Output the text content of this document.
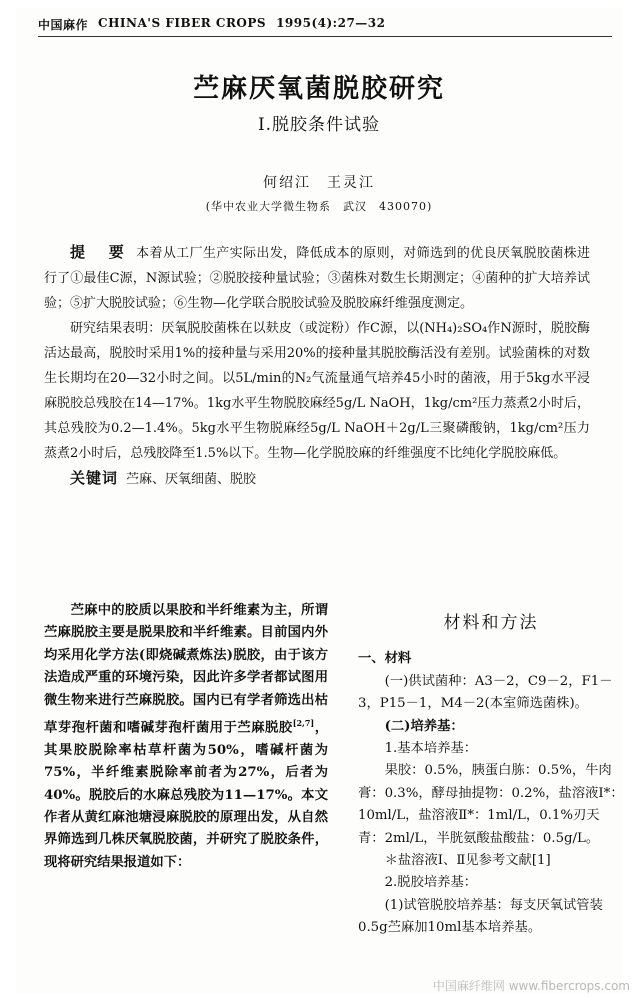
中国麻作 CHINA'S FIBER CROPS 1995(4):27—32
苎麻厌氧菌脱胶研究
Ⅰ.脱胶条件试验
何绍江　王灵江
(华中农业大学微生物系　武汉　430070)

提　要 本着从工厂生产实际出发，降低成本的原则，对筛选到的优良厌氧脱胶菌株进行了①最佳C源，N源试验；②脱胶接种量试验；③菌株对数生长期测定；④菌种的扩大培养试验；⑤扩大脱胶试验；⑥生物—化学联合脱胶试验及脱胶麻纤维强度测定。

研究结果表明：厌氧脱胶菌株在以麸皮（或淀粉）作C源，以(NH₄)₂SO₄作N源时，脱胶酶活达最高，脱胶时采用1%的接种量与采用20%的接种量其脱胶酶活没有差别。试验菌株的对数生长期均在20—32小时之间。以5L/min的N₂气流量通气培养45小时的菌液，用于5kg水平浸麻脱胶总残胶在14—17%。1kg水平生物脱胶麻经5g/L NaOH，1kg/cm²压力蒸煮2小时后，其总残胶为0.2—1.4%。5kg水平生物脱麻经5g/L NaOH＋2g/L三聚磷酸钠，1kg/cm²压力蒸煮2小时后，总残胶降至1.5%以下。生物—化学脱胶麻的纤维强度不比纯化学脱胶麻低。

关键词 苎麻、厌氧细菌、脱胶

苎麻中的胶质以果胶和半纤维素为主，所谓苎麻脱胶主要是脱果胶和半纤维素。目前国内外均采用化学方法(即烧碱煮炼法)脱胶，由于该方法造成严重的环境污染，因此许多学者都试图用微生物来进行苎麻脱胶。国内已有学者筛选出枯草芽孢杆菌和嗜碱芽孢杆菌用于苎麻脱胶[2,7]，其果胶脱除率枯草杆菌为50%，嗜碱杆菌为75%，半纤维素脱除率前者为27%，后者为40%。脱胶后的水麻总残胶为11—17%。本文作者从黄红麻池塘浸麻脱胶的原理出发，从自然界筛选到几株厌氧脱胶菌，并研究了脱胶条件，现将研究结果报道如下：

材料和方法

一、材料

(一)供试菌种：A3－2，C9－2，F1－3，P15－1，M4－2(本室筛选菌株)。

(二)培养基：

1.基本培养基：

果胶：0.5%，胰蛋白胨：0.5%，牛肉膏：0.3%，酵母抽提物：0.2%，盐溶液Ⅰ*：10ml/L，盐溶液Ⅱ*：1ml/L，0.1%刃天青：2ml/L，半胱氨酸盐酸盐：0.5g/L。

＊盐溶液Ⅰ、Ⅱ见参考文献[1]

2.脱胶培养基：

(1)试管脱胶培养基：每支厌氧试管装0.5g苎麻加10ml基本培养基。

中国麻纤维网 www.fibercrops.com
